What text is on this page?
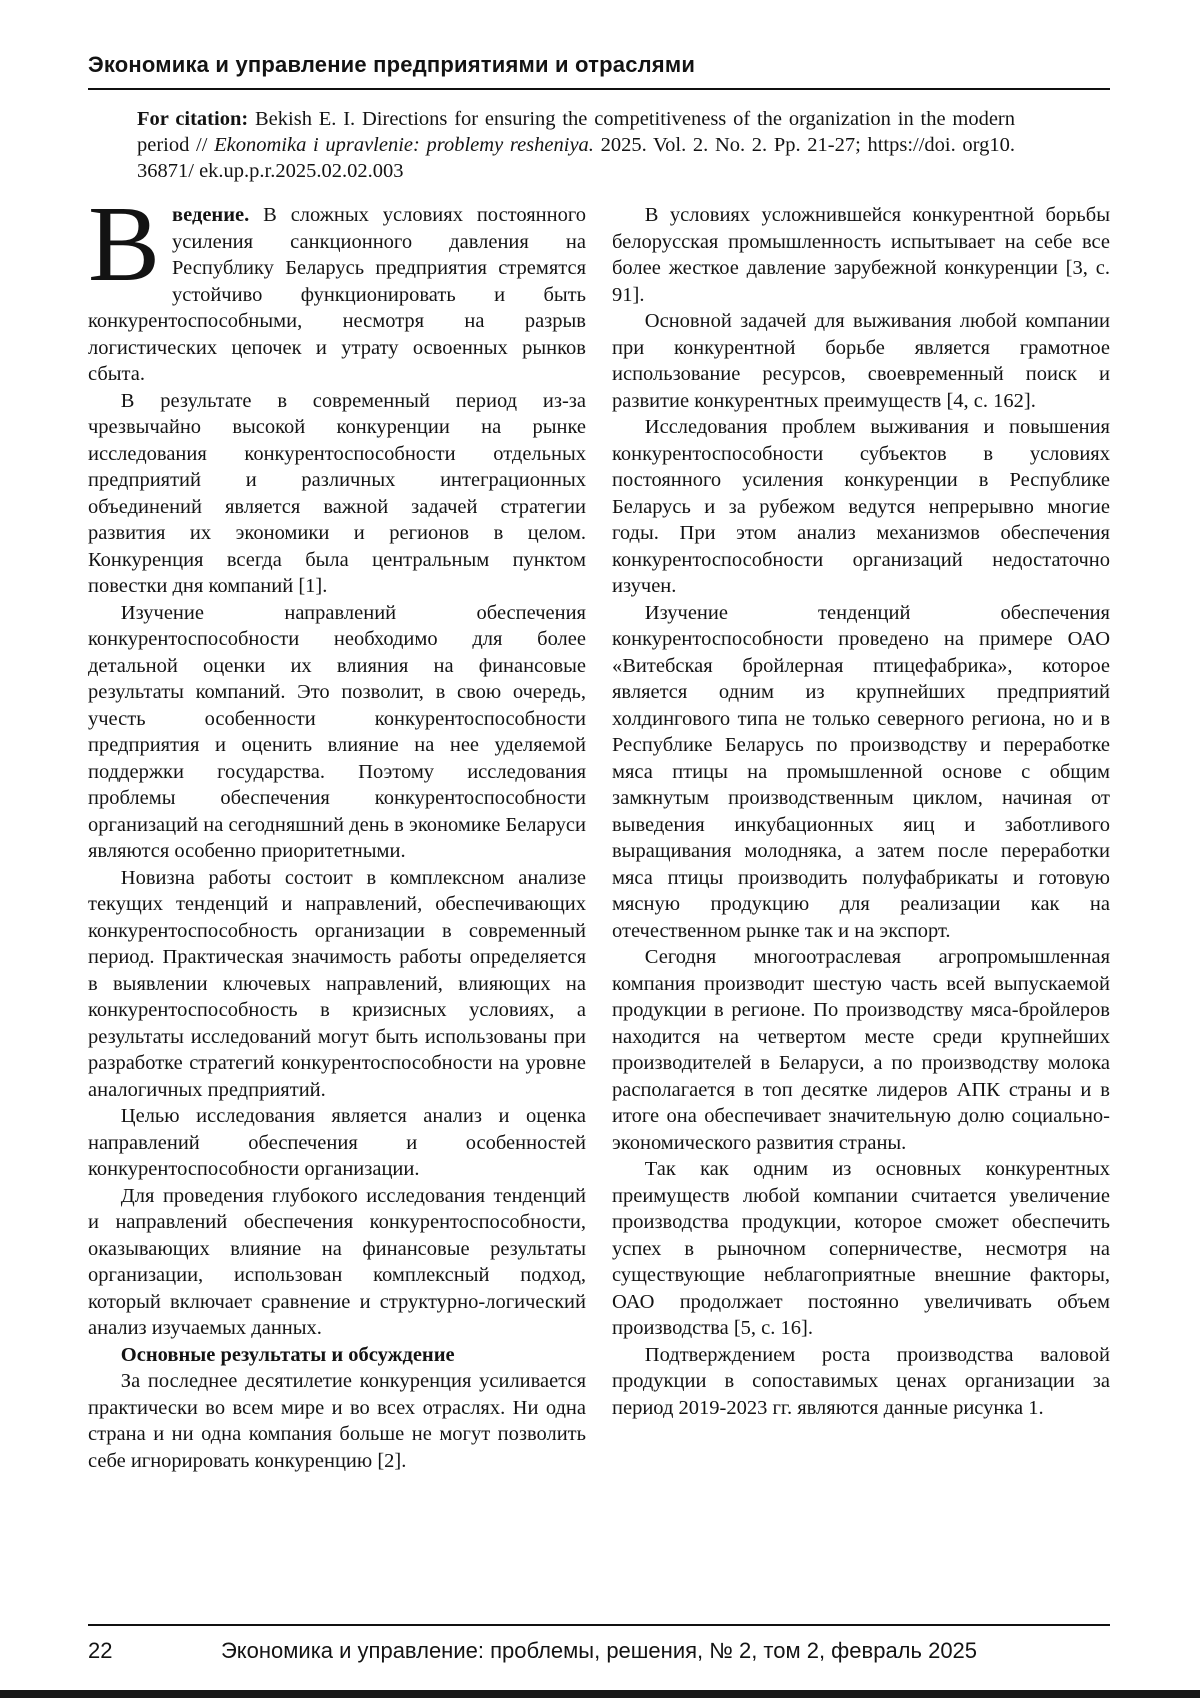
Экономика и управление предприятиями и отраслями
For citation: Bekish E. I. Directions for ensuring the competitiveness of the organization in the modern period // Ekonomika i upravlenie: problemy resheniya. 2025. Vol. 2. No. 2. Pp. 21-27; https://doi. org10. 36871/ ek.up.p.r.2025.02.02.003

Введение. В сложных условиях постоянного усиления санкционного давления на Республику Беларусь предприятия стремятся устойчиво функционировать и быть конкурентоспособными, несмотря на разрыв логистических цепочек и утрату освоенных рынков сбыта.

В результате в современный период из-за чрезвычайно высокой конкуренции на рынке исследования конкурентоспособности отдельных предприятий и различных интеграционных объединений является важной задачей стратегии развития их экономики и регионов в целом. Конкуренция всегда была центральным пунктом повестки дня компаний [1].

Изучение направлений обеспечения конкурентоспособности необходимо для более детальной оценки их влияния на финансовые результаты компаний. Это позволит, в свою очередь, учесть особенности конкурентоспособности предприятия и оценить влияние на нее уделяемой поддержки государства. Поэтому исследования проблемы обеспечения конкурентоспособности организаций на сегодняшний день в экономике Беларуси являются особенно приоритетными.

Новизна работы состоит в комплексном анализе текущих тенденций и направлений, обеспечивающих конкурентоспособность организации в современный период. Практическая значимость работы определяется в выявлении ключевых направлений, влияющих на конкурентоспособность в кризисных условиях, а результаты исследований могут быть использованы при разработке стратегий конкурентоспособности на уровне аналогичных предприятий.

Целью исследования является анализ и оценка направлений обеспечения и особенностей конкурентоспособности организации.

Для проведения глубокого исследования тенденций и направлений обеспечения конкурентоспособности, оказывающих влияние на финансовые результаты организации, использован комплексный подход, который включает сравнение и структурно-логический анализ изучаемых данных.

Основные результаты и обсуждение

За последнее десятилетие конкуренция усиливается практически во всем мире и во всех отраслях. Ни одна страна и ни одна компания больше не могут позволить себе игнорировать конкуренцию [2].

В условиях усложнившейся конкурентной борьбы белорусская промышленность испытывает на себе все более жесткое давление зарубежной конкуренции [3, с. 91].

Основной задачей для выживания любой компании при конкурентной борьбе является грамотное использование ресурсов, своевременный поиск и развитие конкурентных преимуществ [4, с. 162].

Исследования проблем выживания и повышения конкурентоспособности субъектов в условиях постоянного усиления конкуренции в Республике Беларусь и за рубежом ведутся непрерывно многие годы. При этом анализ механизмов обеспечения конкурентоспособности организаций недостаточно изучен.

Изучение тенденций обеспечения конкурентоспособности проведено на примере ОАО «Витебская бройлерная птицефабрика», которое является одним из крупнейших предприятий холдингового типа не только северного региона, но и в Республике Беларусь по производству и переработке мяса птицы на промышленной основе с общим замкнутым производственным циклом, начиная от выведения инкубационных яиц и заботливого выращивания молодняка, а затем после переработки мяса птицы производить полуфабрикаты и готовую мясную продукцию для реализации как на отечественном рынке так и на экспорт.

Сегодня многоотраслевая агропромышленная компания производит шестую часть всей выпускаемой продукции в регионе. По производству мяса-бройлеров находится на четвертом месте среди крупнейших производителей в Беларуси, а по производству молока располагается в топ десятке лидеров АПК страны и в итоге она обеспечивает значительную долю социально-экономического развития страны.

Так как одним из основных конкурентных преимуществ любой компании считается увеличение производства продукции, которое сможет обеспечить успех в рыночном соперничестве, несмотря на существующие неблагоприятные внешние факторы, ОАО продолжает постоянно увеличивать объем производства [5, с. 16].

Подтверждением роста производства валовой продукции в сопоставимых ценах организации за период 2019-2023 гг. являются данные рисунка 1.

22	Экономика и управление: проблемы, решения, № 2, том 2, февраль 2025
